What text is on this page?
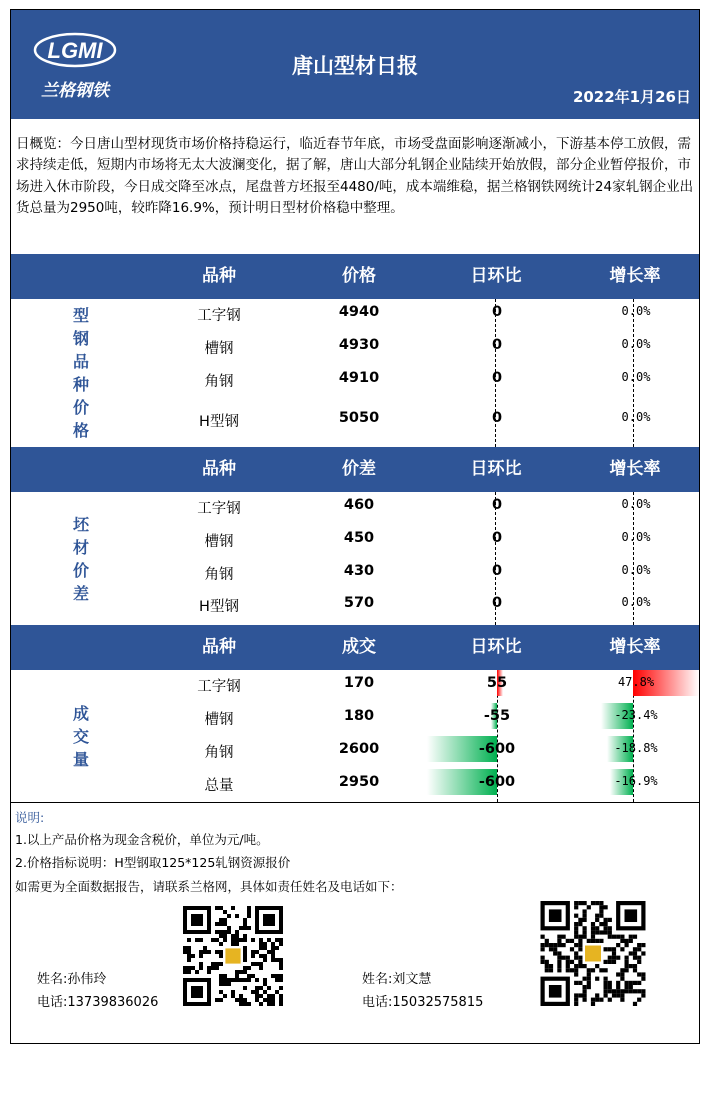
LGMI
兰格钢铁
唐山型材日报
2022年1月26日
日概览：今日唐山型材现货市场价格持稳运行，临近春节年底，市场受盘面影响逐渐减小，下游基本停工放假，需求持续走低，短期内市场将无太大波澜变化，据了解，唐山大部分轧钢企业陆续开始放假，部分企业暂停报价，市场进入休市阶段，今日成交降至冰点，尾盘普方坯报至4480/吨，成本端维稳，据兰格钢铁网统计24家轧钢企业出货总量为2950吨，较昨降16.9%，预计明日型材价格稳中整理。
品种	价格	日环比	增长率
型钢品种价格
工字钢	4940	0	0.0%
槽钢	4930	0	0.0%
角钢	4910	0	0.0%
H型钢	5050	0	0.0%
品种	价差	日环比	增长率
坯材价差
工字钢	460	0	0.0%
槽钢	450	0	0.0%
角钢	430	0	0.0%
H型钢	570	0	0.0%
品种	成交	日环比	增长率
成交量
工字钢	170	55	47.8%
槽钢	180	-55	-23.4%
角钢	2600	-600	-18.8%
总量	2950	-600	-16.9%
说明:
1.以上产品价格为现金含税价，单位为元/吨。
2.价格指标说明：H型钢取125*125轧钢资源报价
如需更为全面数据报告，请联系兰格网，具体如责任姓名及电话如下：
姓名:孙伟玲
电话:13739836026
姓名:刘文慧
电话:15032575815
